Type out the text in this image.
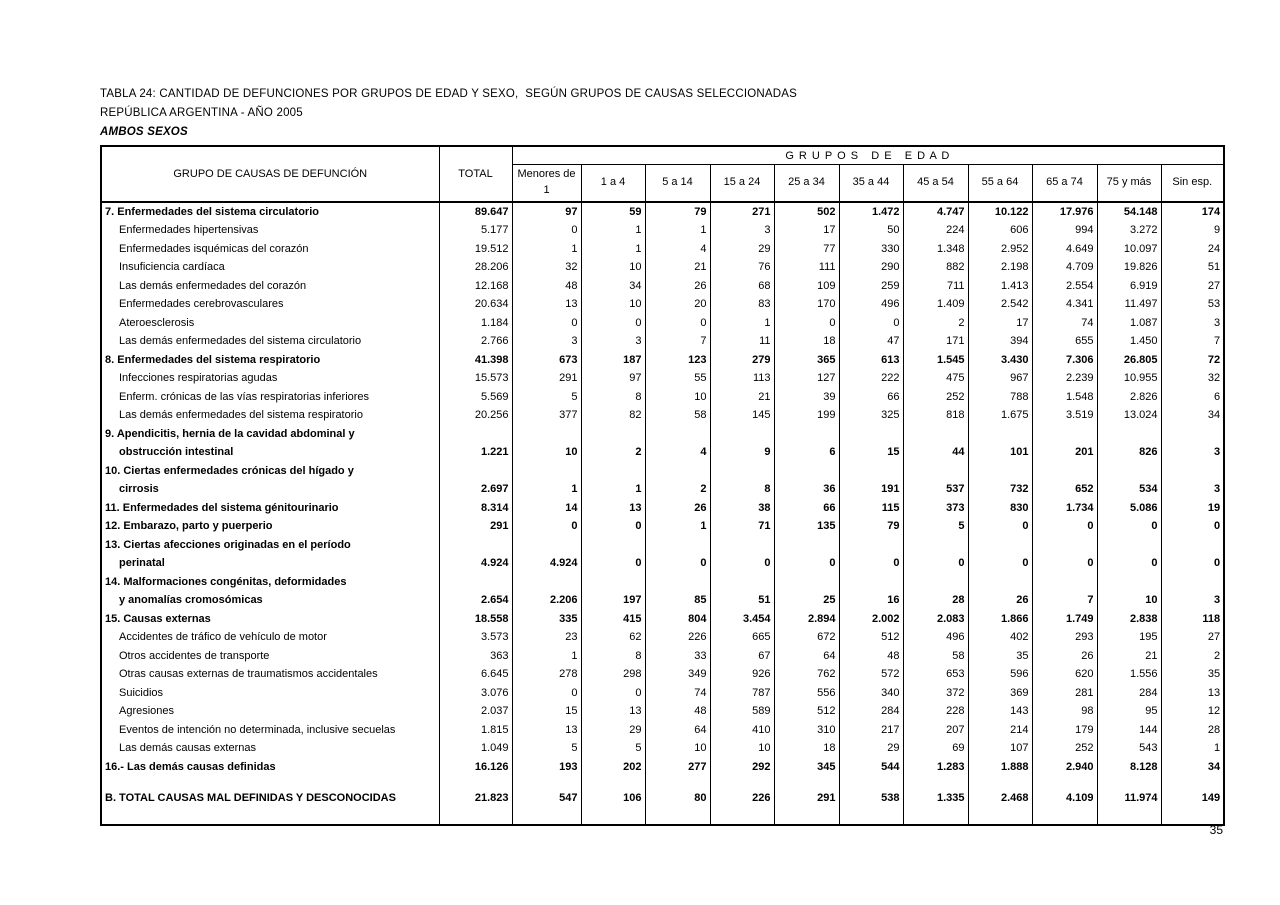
TABLA 24: CANTIDAD DE DEFUNCIONES POR GRUPOS DE EDAD Y SEXO,  SEGÚN GRUPOS DE CAUSAS SELECCIONADAS
REPÚBLICA ARGENTINA - AÑO 2005
AMBOS SEXOS
GRUPO DE CAUSAS DE DEFUNCIÓN	TOTAL	G R U P O S   D E   E D A D										
		Menores de 1	1 a 4	5 a 14	15 a 24	25 a 34	35 a 44	45 a 54	55 a 64	65 a 74	75 y más	Sin esp.
7. Enfermedades del sistema circulatorio	89.647	97	59	79	271	502	1.472	4.747	10.122	17.976	54.148	174
Enfermedades hipertensivas	5.177	0	1	1	3	17	50	224	606	994	3.272	9
Enfermedades isquémicas del corazón	19.512	1	1	4	29	77	330	1.348	2.952	4.649	10.097	24
Insuficiencia cardíaca	28.206	32	10	21	76	111	290	882	2.198	4.709	19.826	51
Las demás enfermedades del corazón	12.168	48	34	26	68	109	259	711	1.413	2.554	6.919	27
Enfermedades cerebrovasculares	20.634	13	10	20	83	170	496	1.409	2.542	4.341	11.497	53
Ateroesclerosis	1.184	0	0	0	1	0	0	2	17	74	1.087	3
Las demás enfermedades del sistema circulatorio	2.766	3	3	7	11	18	47	171	394	655	1.450	7
8. Enfermedades del sistema respiratorio	41.398	673	187	123	279	365	613	1.545	3.430	7.306	26.805	72
Infecciones respiratorias agudas	15.573	291	97	55	113	127	222	475	967	2.239	10.955	32
Enferm. crónicas de las vías respiratorias inferiores	5.569	5	8	10	21	39	66	252	788	1.548	2.826	6
Las demás enfermedades del sistema respiratorio	20.256	377	82	58	145	199	325	818	1.675	3.519	13.024	34
9. Apendicitis, hernia de la cavidad abdominal y												
obstrucción intestinal	1.221	10	2	4	9	6	15	44	101	201	826	3
10. Ciertas enfermedades crónicas del hígado y												
cirrosis	2.697	1	1	2	8	36	191	537	732	652	534	3
11. Enfermedades del sistema génitourinario	8.314	14	13	26	38	66	115	373	830	1.734	5.086	19
12. Embarazo, parto y puerperio	291	0	0	1	71	135	79	5	0	0	0	0
13. Ciertas afecciones originadas en el período												
perinatal	4.924	4.924	0	0	0	0	0	0	0	0	0	0
14. Malformaciones congénitas, deformidades												
y anomalías cromosómicas	2.654	2.206	197	85	51	25	16	28	26	7	10	3
15. Causas externas	18.558	335	415	804	3.454	2.894	2.002	2.083	1.866	1.749	2.838	118
Accidentes de tráfico de vehículo de motor	3.573	23	62	226	665	672	512	496	402	293	195	27
Otros accidentes de transporte	363	1	8	33	67	64	48	58	35	26	21	2
Otras causas externas de traumatismos accidentales	6.645	278	298	349	926	762	572	653	596	620	1.556	35
Suicidios	3.076	0	0	74	787	556	340	372	369	281	284	13
Agresiones	2.037	15	13	48	589	512	284	228	143	98	95	12
Eventos de intención no determinada, inclusive secuelas	1.815	13	29	64	410	310	217	207	214	179	144	28
Las demás causas externas	1.049	5	5	10	10	18	29	69	107	252	543	1
16.- Las demás causas definidas	16.126	193	202	277	292	345	544	1.283	1.888	2.940	8.128	34

B. TOTAL CAUSAS MAL DEFINIDAS Y DESCONOCIDAS	21.823	547	106	80	226	291	538	1.335	2.468	4.109	11.974	149

35
